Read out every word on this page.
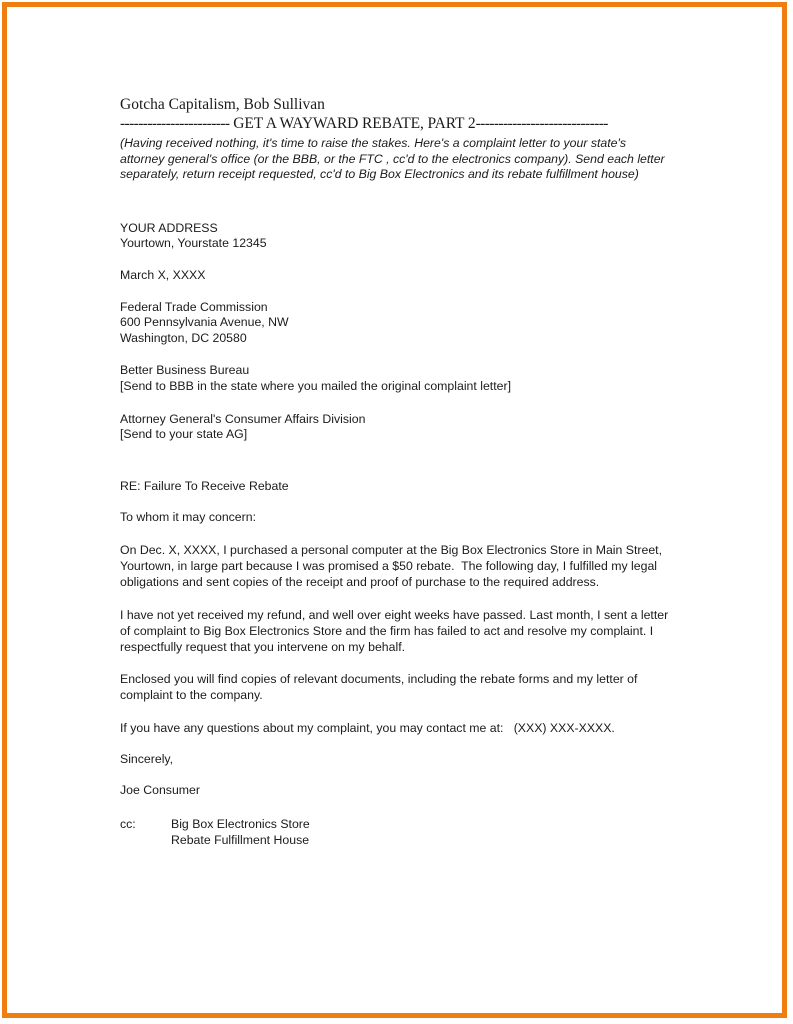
Gotcha Capitalism, Bob Sullivan
------------------------ GET A WAYWARD REBATE, PART 2-----------------------------
(Having received nothing, it's time to raise the stakes. Here's a complaint letter to your state's attorney general's office (or the BBB, or the FTC , cc'd to the electronics company). Send each letter separately, return receipt requested, cc'd to Big Box Electronics and its rebate fulfillment house)
YOUR ADDRESS
Yourtown, Yourstate 12345
March X, XXXX
Federal Trade Commission
600 Pennsylvania Avenue, NW
Washington, DC 20580
Better Business Bureau
[Send to BBB in the state where you mailed the original complaint letter]
Attorney General's Consumer Affairs Division
[Send to your state AG]
RE: Failure To Receive Rebate
To whom it may concern:
On Dec. X, XXXX, I purchased a personal computer at the Big Box Electronics Store in Main Street, Yourtown, in large part because I was promised a $50 rebate.  The following day, I fulfilled my legal obligations and sent copies of the receipt and proof of purchase to the required address.
I have not yet received my refund, and well over eight weeks have passed. Last month, I sent a letter of complaint to Big Box Electronics Store and the firm has failed to act and resolve my complaint. I respectfully request that you intervene on my behalf.
Enclosed you will find copies of relevant documents, including the rebate forms and my letter of complaint to the company.
If you have any questions about my complaint, you may contact me at:   (XXX) XXX-XXXX.
Sincerely,
Joe Consumer
cc:	Big Box Electronics Store
Rebate Fulfillment House
